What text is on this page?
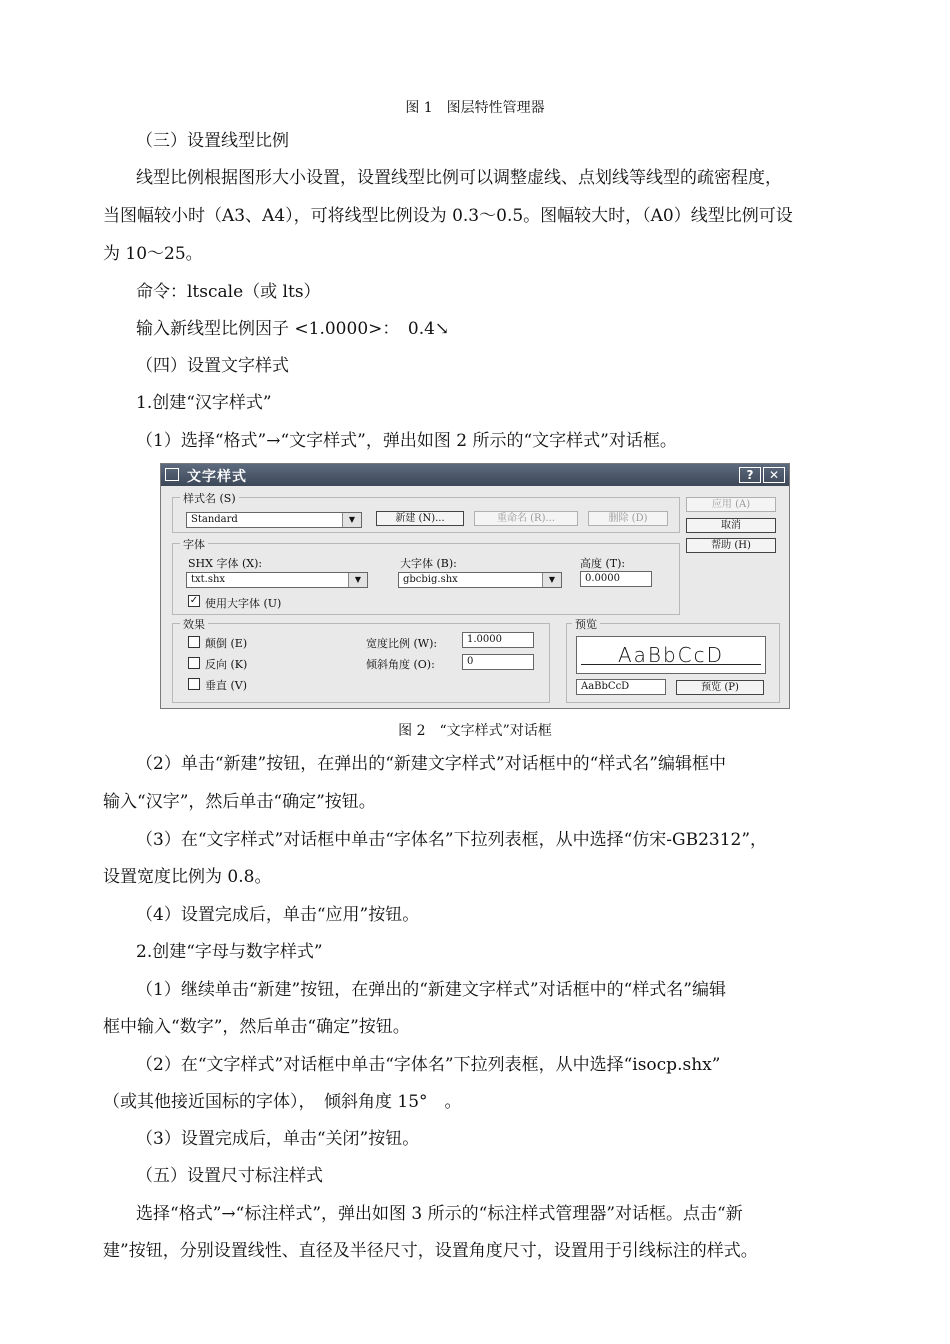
图 1　图层特性管理器
（三）设置线型比例
线型比例根据图形大小设置，设置线型比例可以调整虚线、点划线等线型的疏密程度，
当图幅较小时（A3、A4），可将线型比例设为 0.3～0.5。图幅较大时，（A0）线型比例可设
为 10～25。
命令：ltscale（或 lts）
输入新线型比例因子 <1.0000>：　0.4↘
（四）设置文字样式
1.创建“汉字样式”
（1）选择“格式”→“文字样式”，弹出如图 2 所示的“文字样式”对话框。
文字样式	?	✕
样式名 (S)
Standard	▼	新建 (N)...	重命名 (R)...	删除 (D)
应用 (A)
取消
帮助 (H)
字体
SHX 字体 (X):
txt.shx	▼
大字体 (B):
gbcbig.shx	▼
高度 (T):
0.0000
✓ 使用大字体 (U)
效果
颠倒 (E)
反向 (K)
垂直 (V)
宽度比例 (W):	1.0000
倾斜角度 (O):	0
预览
AaBbCcD
AaBbCcD	预览 (P)
图 2　“文字样式”对话框
（2）单击“新建”按钮，在弹出的“新建文字样式”对话框中的“样式名”编辑框中
输入“汉字”，然后单击“确定”按钮。
（3）在“文字样式”对话框中单击“字体名”下拉列表框，从中选择“仿宋-GB2312”，
设置宽度比例为 0.8。
（4）设置完成后，单击“应用”按钮。
2.创建“字母与数字样式”
（1）继续单击“新建”按钮，在弹出的“新建文字样式”对话框中的“样式名”编辑
框中输入“数字”，然后单击“确定”按钮。
（2）在“文字样式”对话框中单击“字体名”下拉列表框，从中选择“isocp.shx”
（或其他接近国标的字体），　倾斜角度 15°　。
（3）设置完成后，单击“关闭”按钮。
（五）设置尺寸标注样式
选择“格式”→“标注样式”，弹出如图 3 所示的“标注样式管理器”对话框。点击“新
建”按钮，分别设置线性、直径及半径尺寸，设置角度尺寸，设置用于引线标注的样式。
